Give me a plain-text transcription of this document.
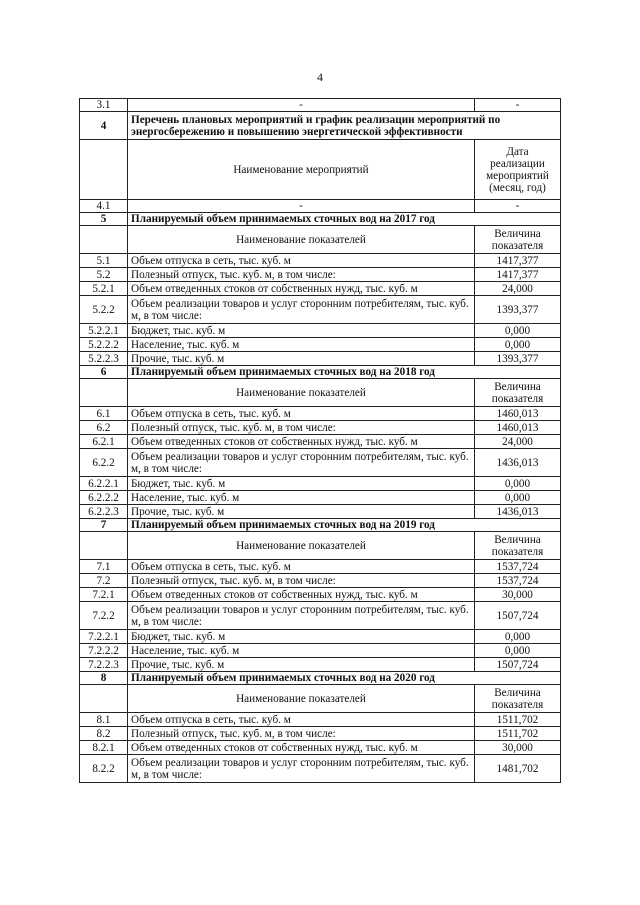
4
3.1	-	-
4	Перечень плановых мероприятий и график реализации мероприятий по энергосбережению и повышению энергетической эффективности	
	Наименование мероприятий	Дата реализации мероприятий (месяц, год)
4.1	-	-
5	Планируемый объем принимаемых сточных вод на 2017 год	
	Наименование показателей	Величина показателя
5.1	Объем отпуска в сеть, тыс. куб. м	1417,377
5.2	Полезный отпуск, тыс. куб. м, в том числе:	1417,377
5.2.1	Объем отведенных стоков от собственных нужд, тыс. куб. м	24,000
5.2.2	Объем реализации товаров и услуг сторонним потребителям, тыс. куб. м, в том числе:	1393,377
5.2.2.1	Бюджет, тыс. куб. м	0,000
5.2.2.2	Население, тыс. куб. м	0,000
5.2.2.3	Прочие, тыс. куб. м	1393,377
6	Планируемый объем принимаемых сточных вод на 2018 год	
	Наименование показателей	Величина показателя
6.1	Объем отпуска в сеть, тыс. куб. м	1460,013
6.2	Полезный отпуск, тыс. куб. м, в том числе:	1460,013
6.2.1	Объем отведенных стоков от собственных нужд, тыс. куб. м	24,000
6.2.2	Объем реализации товаров и услуг сторонним потребителям, тыс. куб. м, в том числе:	1436,013
6.2.2.1	Бюджет, тыс. куб. м	0,000
6.2.2.2	Население, тыс. куб. м	0,000
6.2.2.3	Прочие, тыс. куб. м	1436,013
7	Планируемый объем принимаемых сточных вод на 2019 год	
	Наименование показателей	Величина показателя
7.1	Объем отпуска в сеть, тыс. куб. м	1537,724
7.2	Полезный отпуск, тыс. куб. м, в том числе:	1537,724
7.2.1	Объем отведенных стоков от собственных нужд, тыс. куб. м	30,000
7.2.2	Объем реализации товаров и услуг сторонним потребителям, тыс. куб. м, в том числе:	1507,724
7.2.2.1	Бюджет, тыс. куб. м	0,000
7.2.2.2	Население, тыс. куб. м	0,000
7.2.2.3	Прочие, тыс. куб. м	1507,724
8	Планируемый объем принимаемых сточных вод на 2020 год	
	Наименование показателей	Величина показателя
8.1	Объем отпуска в сеть, тыс. куб. м	1511,702
8.2	Полезный отпуск, тыс. куб. м, в том числе:	1511,702
8.2.1	Объем отведенных стоков от собственных нужд, тыс. куб. м	30,000
8.2.2	Объем реализации товаров и услуг сторонним потребителям, тыс. куб. м, в том числе:	1481,702
